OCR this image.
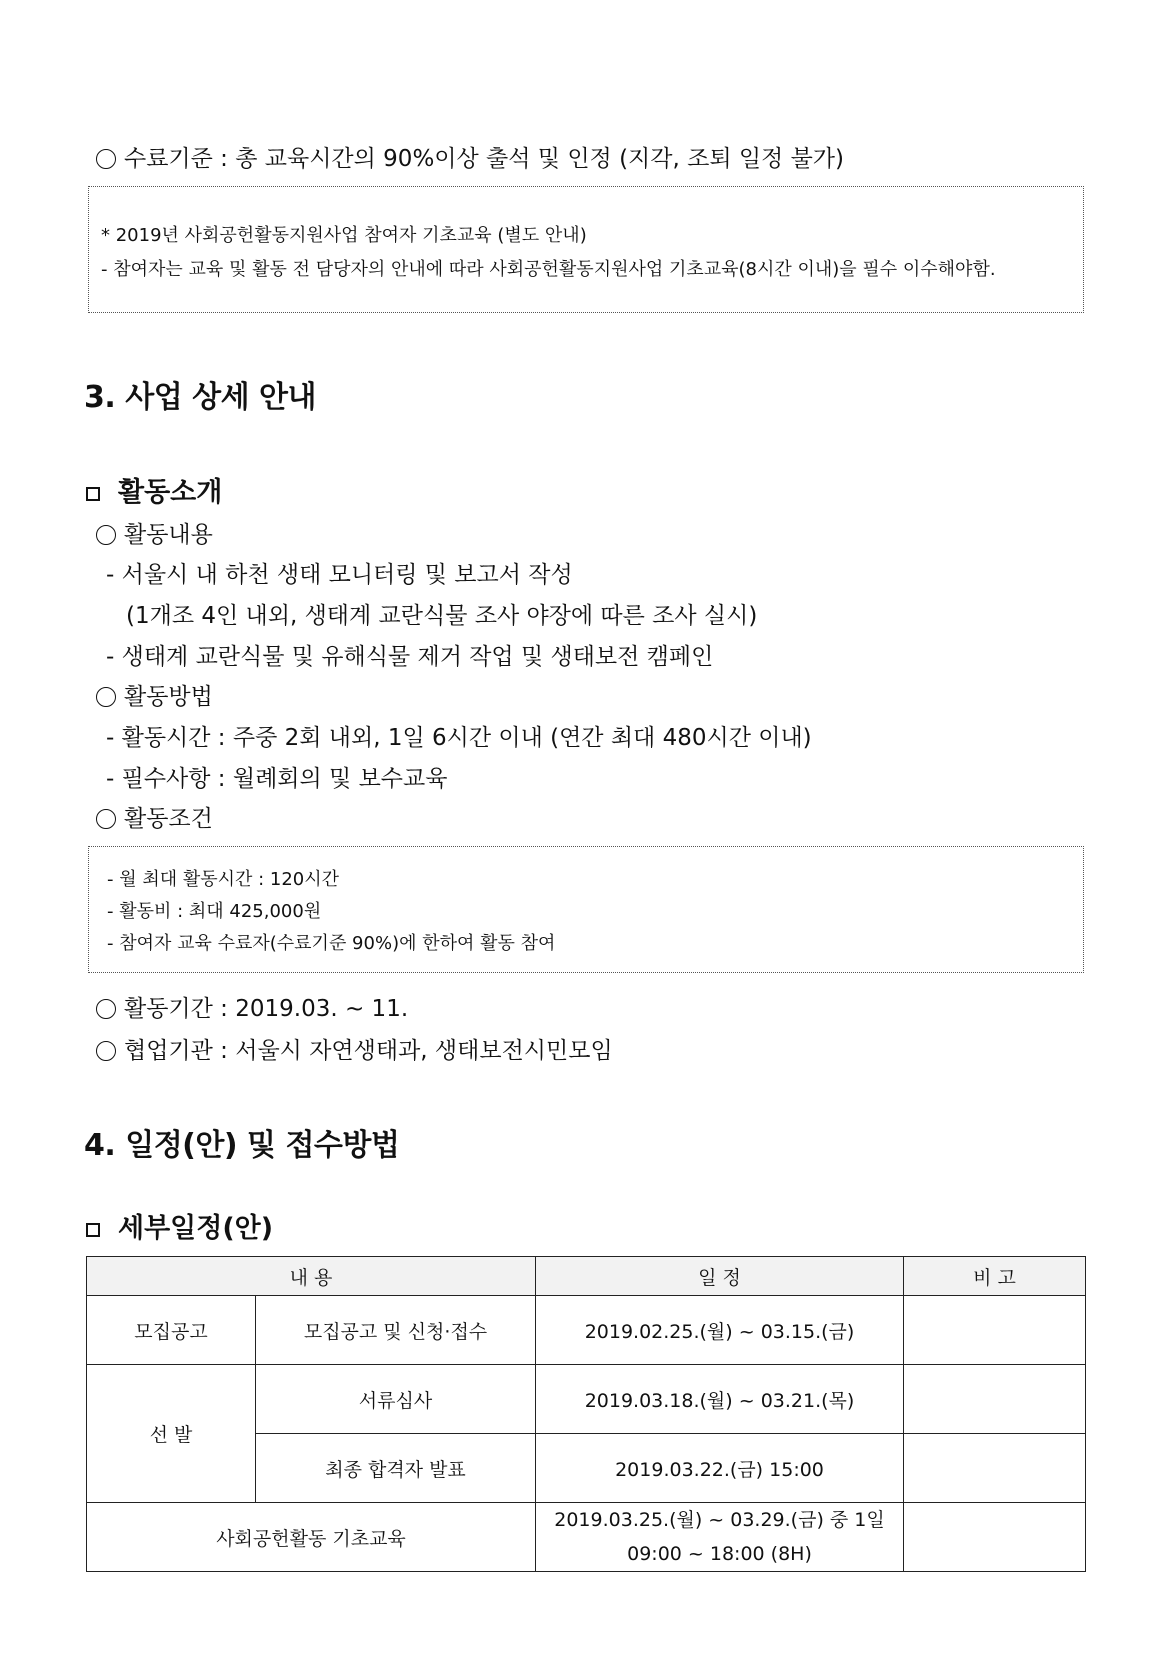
수료기준 : 총 교육시간의 90%이상 출석 및 인정 (지각, 조퇴 일정 불가)
* 2019년 사회공헌활동지원사업 참여자 기초교육 (별도 안내)
- 참여자는 교육 및 활동 전 담당자의 안내에 따라 사회공헌활동지원사업 기초교육(8시간 이내)을 필수 이수해야함.
3. 사업 상세 안내
활동소개
활동내용
- 서울시 내 하천 생태 모니터링 및 보고서 작성
(1개조 4인 내외, 생태계 교란식물 조사 야장에 따른 조사 실시)
- 생태계 교란식물 및 유해식물 제거 작업 및 생태보전 캠페인
활동방법
- 활동시간 : 주중 2회 내외, 1일 6시간 이내 (연간 최대 480시간 이내)
- 필수사항 : 월례회의 및 보수교육
활동조건
- 월 최대 활동시간 : 120시간
- 활동비 : 최대 425,000원
- 참여자 교육 수료자(수료기준 90%)에 한하여 활동 참여
활동기간 : 2019.03. ~ 11.
협업기관 : 서울시 자연생태과, 생태보전시민모임
4. 일정(안) 및 접수방법
세부일정(안)
내 용		일 정	비 고
모집공고	모집공고 및 신청·접수	2019.02.25.(월) ~ 03.15.(금)	
선 발	서류심사	2019.03.18.(월) ~ 03.21.(목)	
	최종 합격자 발표	2019.03.22.(금) 15:00	
사회공헌활동 기초교육		2019.03.25.(월) ~ 03.29.(금) 중 1일
09:00 ~ 18:00 (8H)	
